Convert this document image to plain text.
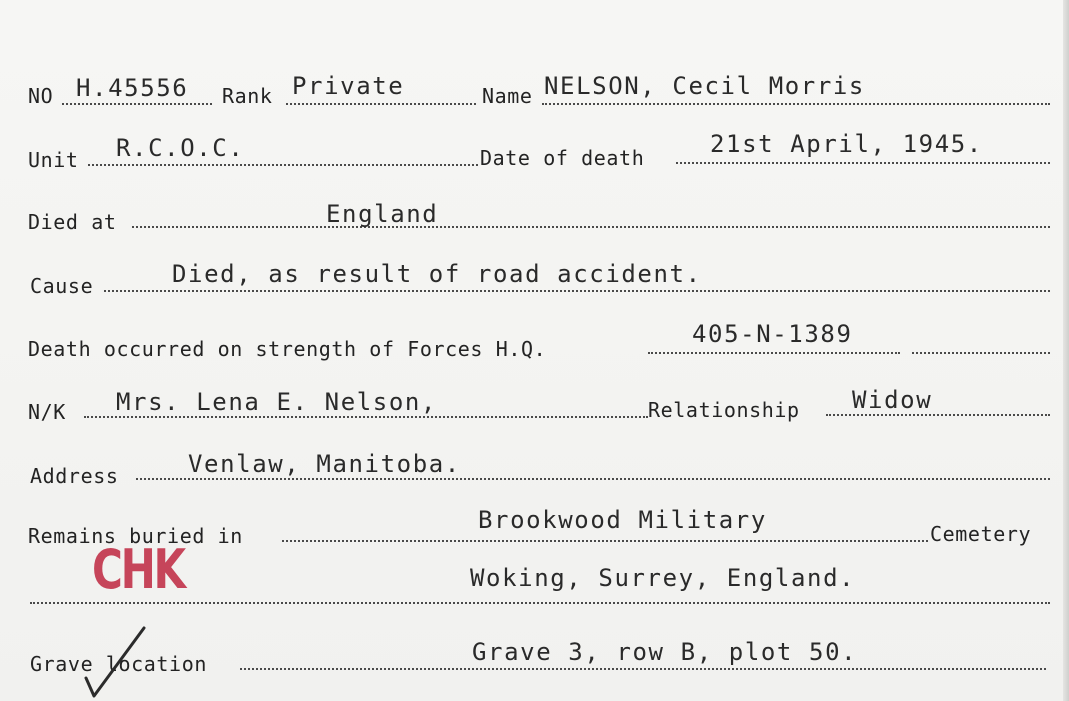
NO H.45556 Rank Private	Name NELSON, Cecil Morris
Unit R.C.O.C.	Date of death	21st April, 1945.
Died at	England
Cause	Died, as result of road accident.
Death occurred on strength of Forces H.Q.
405-N-1389
N/K Mrs. Lena E. Nelson,	Relationship Widow
Address	Venlaw, Manitoba.
Remains buried in
Brookwood Military	Cemetery
Woking, Surrey, England.
Grave location	Grave 3, row B, plot 50.
CHK
